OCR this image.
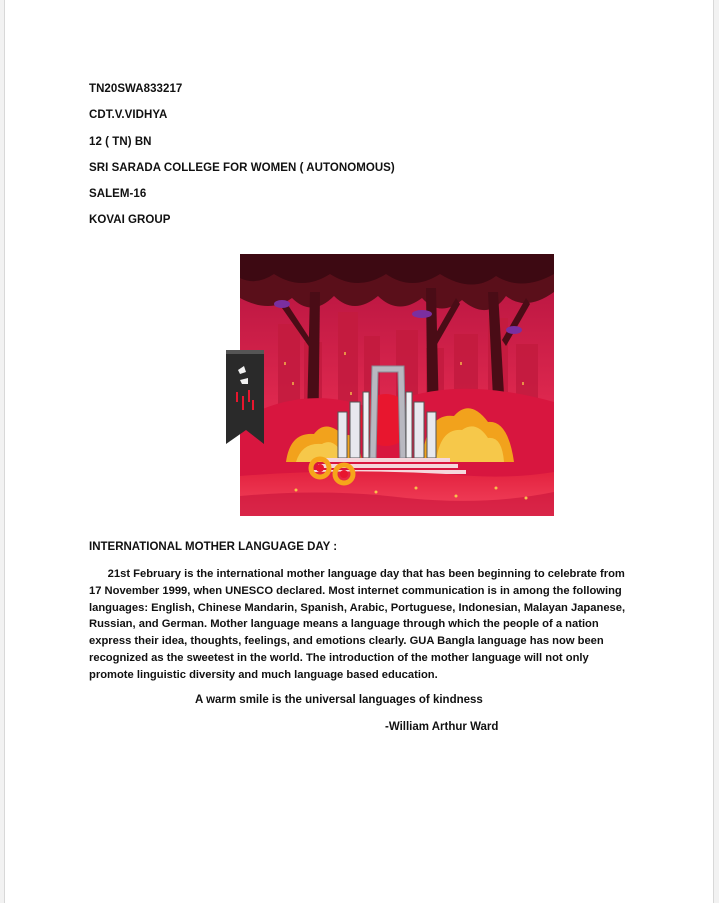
TN20SWA833217
CDT.V.VIDHYA
12 ( TN) BN
SRI SARADA COLLEGE FOR WOMEN ( AUTONOMOUS)
SALEM-16
KOVAI GROUP
INTERNATIONAL MOTHER LANGUAGE DAY :
21st February is the international mother language day that has been beginning to celebrate from
17 November 1999, when UNESCO declared. Most internet communication is in among the following
languages: English, Chinese Mandarin, Spanish, Arabic, Portuguese, Indonesian, Malayan Japanese,
Russian, and German. Mother language means a language through which the people of a nation
express their idea, thoughts, feelings, and emotions clearly. GUA Bangla language has now been
recognized as the sweetest in the world. The introduction of the mother language will not only
promote linguistic diversity and much language based education.
A warm smile is the universal languages of kindness
-William Arthur Ward
